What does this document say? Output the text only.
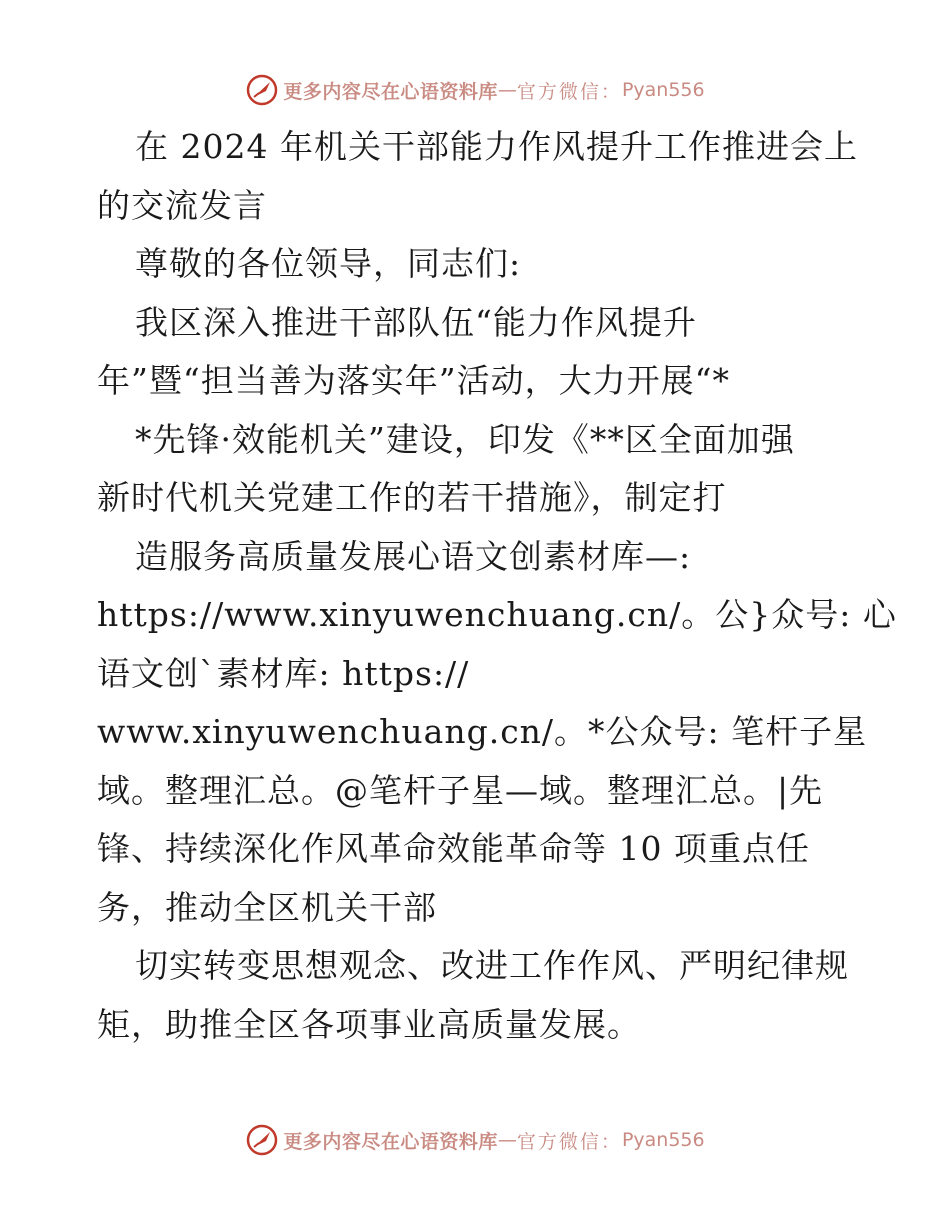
更多内容尽在心语资料库 — 官方微信： Pyan556
在 2024 年机关干部能力作风提升工作推进会上
的交流发言
尊敬的各位领导，同志们:
我区深入推进干部队伍“能力作风提升
年”暨“担当善为落实年”活动，大力开展“*
*先锋·效能机关”建设，印发《**区全面加强
新时代机关党建工作的若干措施》，制定打
造服务高质量发展心语文创素材库—:
https://www.xinyuwenchuang.cn/。公}众号: 心
语文创`素材库: https://
www.xinyuwenchuang.cn/。*公众号: 笔杆子星
域。整理汇总。@笔杆子星—域。整理汇总。|先
锋、持续深化作风革命效能革命等 10 项重点任
务，推动全区机关干部
切实转变思想观念、改进工作作风、严明纪律规
矩，助推全区各项事业高质量发展。
更多内容尽在心语资料库 — 官方微信： Pyan556
